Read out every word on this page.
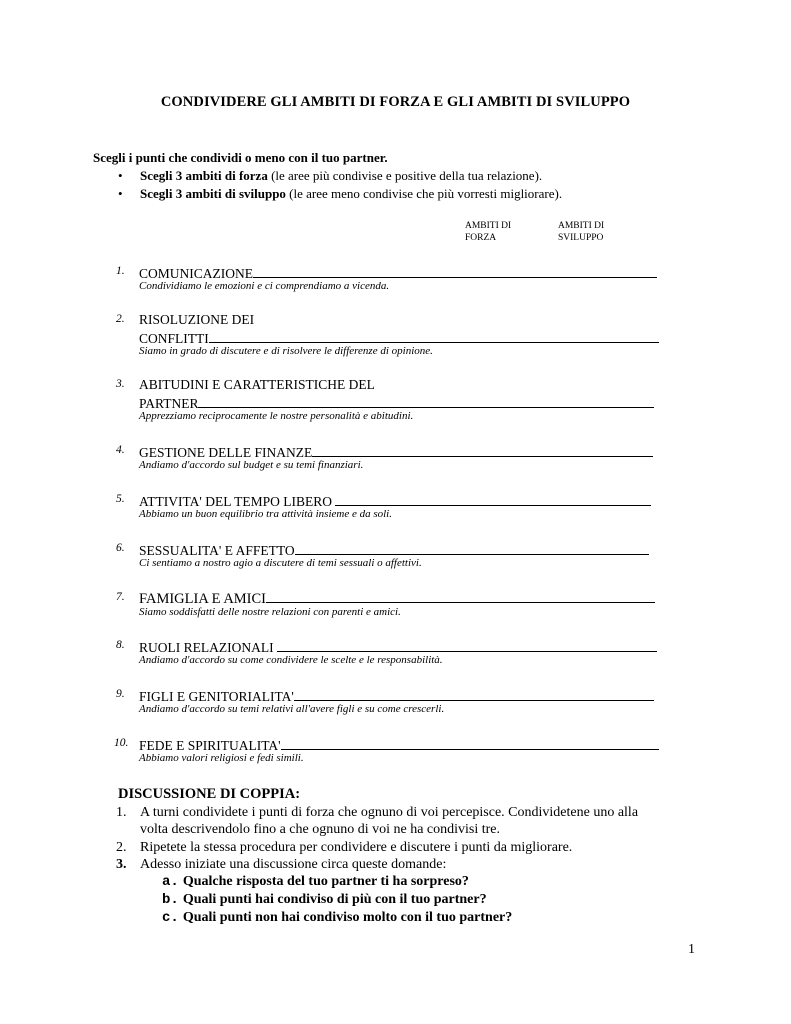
CONDIVIDERE GLI AMBITI DI FORZA E GLI AMBITI DI SVILUPPO
Scegli i punti che condividi o meno con il tuo partner.
• Scegli 3 ambiti di forza (le aree più condivise e positive della tua relazione).
• Scegli 3 ambiti di sviluppo (le aree meno condivise che più vorresti migliorare).
AMBITI DI
FORZA
AMBITI DI
SVILUPPO
1.	COMUNICAZIONE
Condividiamo le emozioni e ci comprendiamo a vicenda.
2.	RISOLUZIONE DEI
CONFLITTI
Siamo in grado di discutere e di risolvere le differenze di opinione.
3.	ABITUDINI E CARATTERISTICHE DEL
PARTNER
Apprezziamo reciprocamente le nostre personalità e abitudini.
4.	GESTIONE DELLE FINANZE
Andiamo d'accordo sul budget e su temi finanziari.
5.	ATTIVITA' DEL TEMPO LIBERO
Abbiamo un buon equilibrio tra attività insieme e da soli.
6.	SESSUALITA' E AFFETTO
Ci sentiamo a nostro agio a discutere di temi sessuali o affettivi.
7. FAMIGLIA E AMICI
Siamo soddisfatti delle nostre relazioni con parenti e amici.
8.	RUOLI RELAZIONALI
Andiamo d'accordo su come condividere le scelte e le responsabilità.
9.	FIGLI E GENITORIALITA'
Andiamo d'accordo su temi relativi all'avere figli e su come crescerli.
10. FEDE E SPIRITUALITA'
Abbiamo valori religiosi e fedi simili.
DISCUSSIONE DI COPPIA:
1. A turni condividete i punti di forza che ognuno di voi percepisce. Condividetene uno alla
volta descrivendolo fino a che ognuno di voi ne ha condivisi tre.
2. Ripetete la stessa procedura per condividere e discutere i punti da migliorare.
3. Adesso iniziate una discussione circa queste domande:
a. Qualche risposta del tuo partner ti ha sorpreso?
b. Quali punti hai condiviso di più con il tuo partner?
c. Quali punti non hai condiviso molto con il tuo partner?
1
